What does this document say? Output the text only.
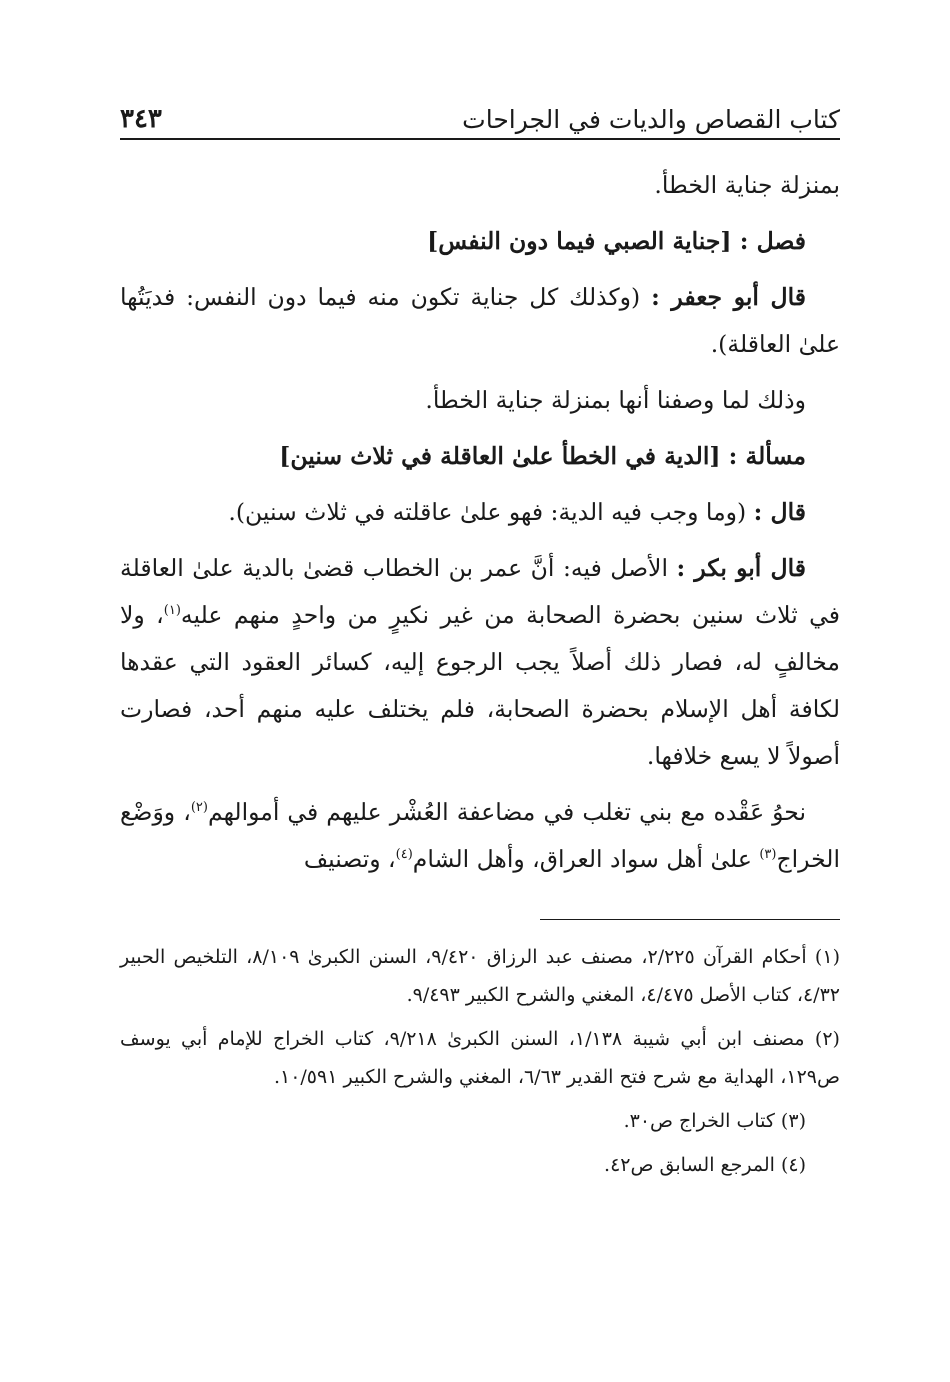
كتاب القصاص والديات في الجراحات
٣٤٣

بمنزلة جناية الخطأ.

فصل : [جناية الصبي فيما دون النفس]

قال أبو جعفر : (وكذلك كل جناية تكون منه فيما دون النفس: فديَتُها علىٰ العاقلة).

وذلك لما وصفنا أنها بمنزلة جناية الخطأ.

مسألة : [الدية في الخطأ علىٰ العاقلة في ثلاث سنين]

قال : (وما وجب فيه الدية: فهو علىٰ عاقلته في ثلاث سنين).

قال أبو بكر : الأصل فيه: أنَّ عمر بن الخطاب قضىٰ بالدية علىٰ العاقلة في ثلاث سنين بحضرة الصحابة من غير نكيرٍ من واحدٍ منهم عليه$^{(١)}$، ولا مخالفٍ له، فصار ذلك أصلاً يجب الرجوع إليه، كسائر العقود التي عقدها لكافة أهل الإسلام بحضرة الصحابة، فلم يختلف عليه منهم أحد، فصارت أصولاً لا يسع خلافها.

نحوُ عَقْده مع بني تغلب في مضاعفة العُشْر عليهم في أموالهم$^{(٢)}$، ووَضْع الخراج$^{(٣)}$ علىٰ أهل سواد العراق، وأهل الشام$^{(٤)}$، وتصنيف

(١) أحكام القرآن ٢/٢٢٥، مصنف عبد الرزاق ٩/٤٢٠، السنن الكبرىٰ ٨/١٠٩، التلخيص الحبير ٤/٣٢، كتاب الأصل ٤/٤٧٥، المغني والشرح الكبير ٩/٤٩٣.

(٢) مصنف ابن أبي شيبة ١/١٣٨، السنن الكبرىٰ ٩/٢١٨، كتاب الخراج للإمام أبي يوسف ص١٢٩، الهداية مع شرح فتح القدير ٦/٦٣، المغني والشرح الكبير ١٠/٥٩١.

(٣) كتاب الخراج ص٣٠.

(٤) المرجع السابق ص٤٢.
